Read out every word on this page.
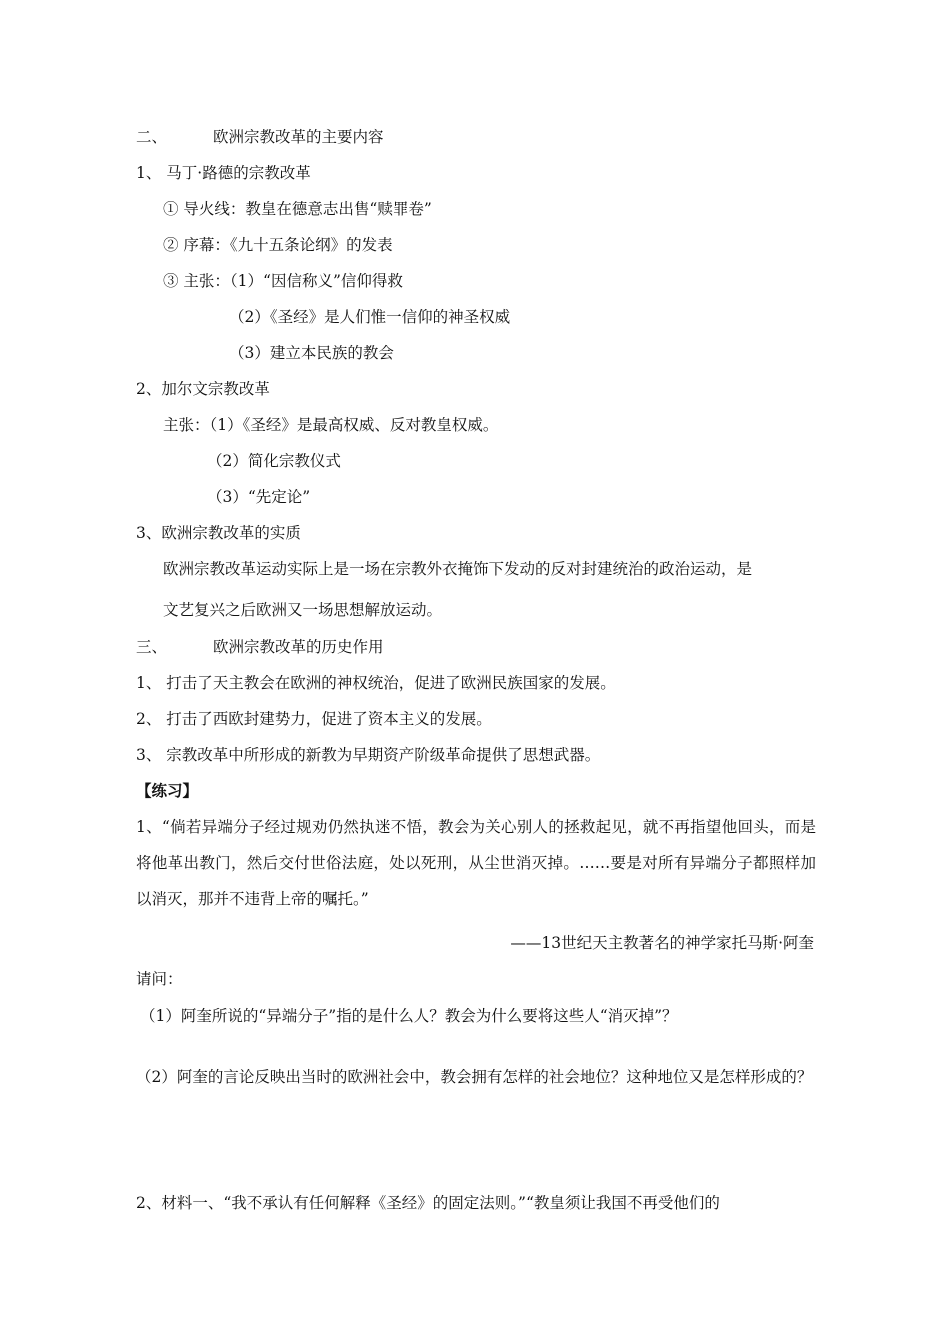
二、	欧洲宗教改革的主要内容
1、 马丁·路德的宗教改革
① 导火线：教皇在德意志出售“赎罪卷”
② 序幕：《九十五条论纲》的发表
③ 主张：（1）“因信称义”信仰得救
（2）《圣经》是人们惟一信仰的神圣权威
（3）建立本民族的教会
2、加尔文宗教改革
主张：（1）《圣经》是最高权威、反对教皇权威。
（2）简化宗教仪式
（3）“先定论”
3、欧洲宗教改革的实质
欧洲宗教改革运动实际上是一场在宗教外衣掩饰下发动的反对封建统治的政治运动，是
文艺复兴之后欧洲又一场思想解放运动。
三、	欧洲宗教改革的历史作用
1、 打击了天主教会在欧洲的神权统治，促进了欧洲民族国家的发展。
2、 打击了西欧封建势力，促进了资本主义的发展。
3、 宗教改革中所形成的新教为早期资产阶级革命提供了思想武器。
【练习】
1、“倘若异端分子经过规劝仍然执迷不悟，教会为关心别人的拯救起见，就不再指望他回头，而是将他革出教门，然后交付世俗法庭，处以死刑，从尘世消灭掉。……要是对所有异端分子都照样加以消灭，那并不违背上帝的嘱托。”
——13世纪天主教著名的神学家托马斯·阿奎
请问：
（1）阿奎所说的“异端分子”指的是什么人？教会为什么要将这些人“消灭掉”？
（2）阿奎的言论反映出当时的欧洲社会中，教会拥有怎样的社会地位？这种地位又是怎样形成的？
2、材料一、“我不承认有任何解释《圣经》的固定法则。”“教皇须让我国不再受他们的
